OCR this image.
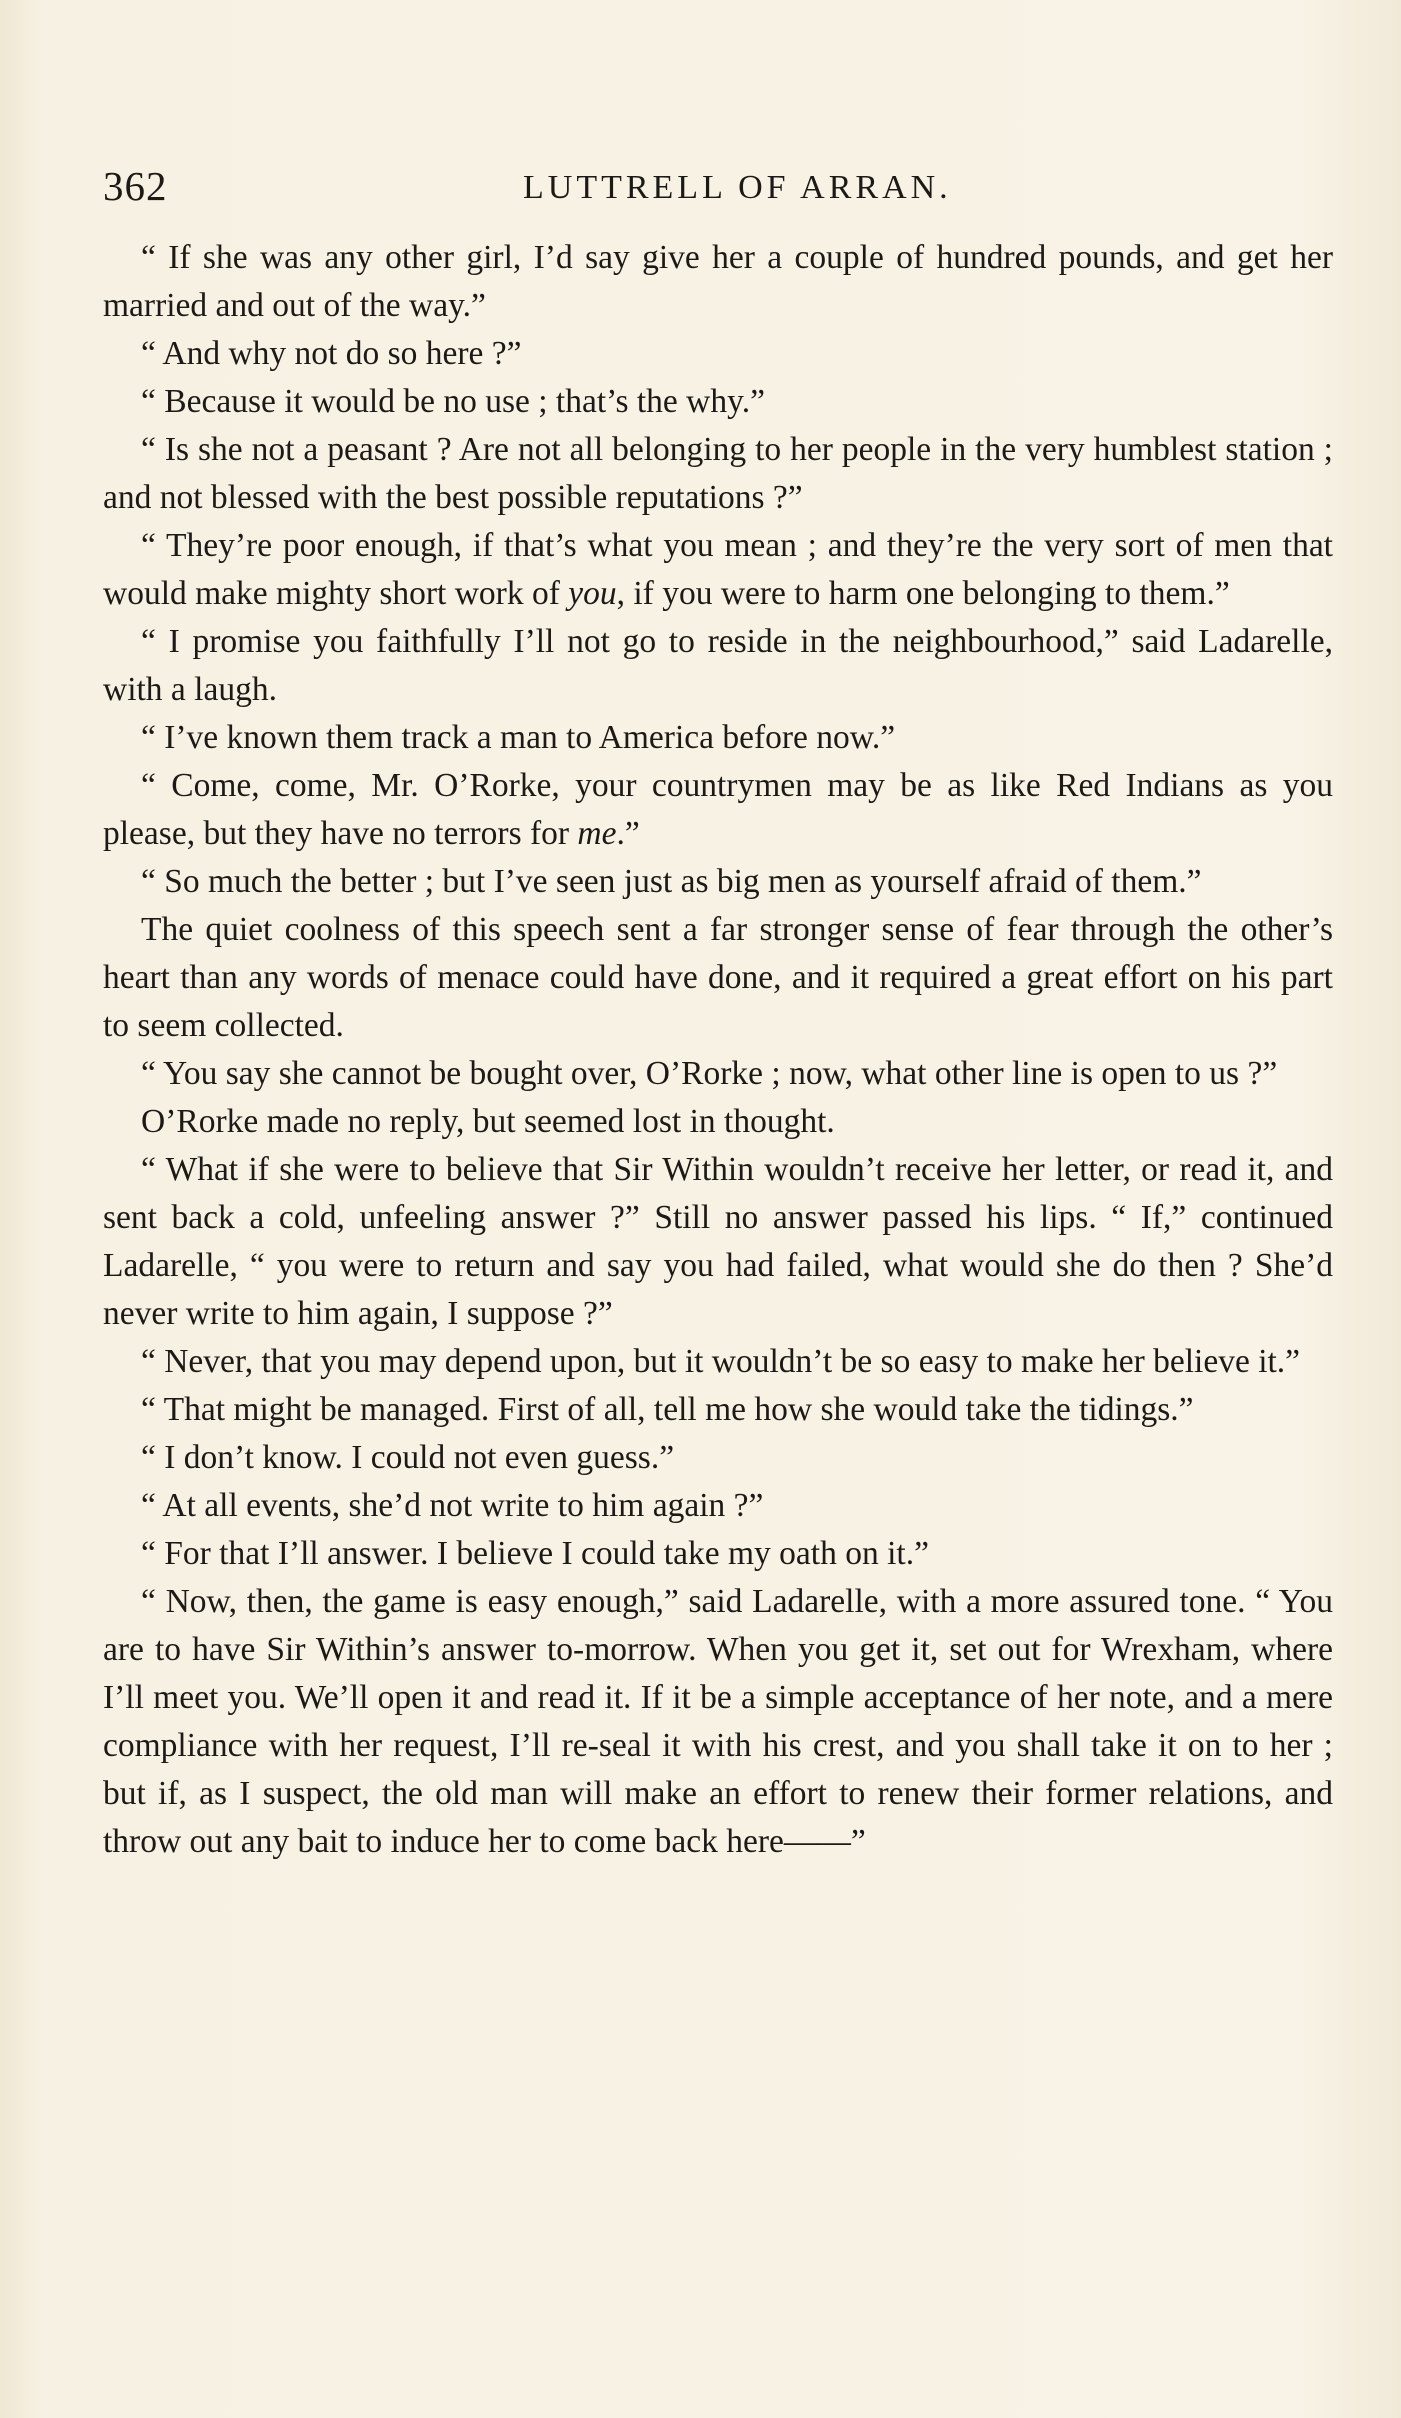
362	LUTTRELL OF ARRAN.

“ If she was any other girl, I’d say give her a couple of hundred pounds, and get her married and out of the way.”

“ And why not do so here ?”

“ Because it would be no use ; that’s the why.”

“ Is she not a peasant ? Are not all belonging to her people in the very humblest station ; and not blessed with the best possible reputations ?”

“ They’re poor enough, if that’s what you mean ; and they’re the very sort of men that would make mighty short work of you, if you were to harm one belonging to them.”

“ I promise you faithfully I’ll not go to reside in the neighbourhood,” said Ladarelle, with a laugh.

“ I’ve known them track a man to America before now.”

“ Come, come, Mr. O’Rorke, your countrymen may be as like Red Indians as you please, but they have no terrors for me.”

“ So much the better ; but I’ve seen just as big men as yourself afraid of them.”

The quiet coolness of this speech sent a far stronger sense of fear through the other’s heart than any words of menace could have done, and it required a great effort on his part to seem collected.

“ You say she cannot be bought over, O’Rorke ; now, what other line is open to us ?”

O’Rorke made no reply, but seemed lost in thought.

“ What if she were to believe that Sir Within wouldn’t receive her letter, or read it, and sent back a cold, unfeeling answer ?” Still no answer passed his lips. “ If,” continued Ladarelle, “ you were to return and say you had failed, what would she do then ? She’d never write to him again, I suppose ?”

“ Never, that you may depend upon, but it wouldn’t be so easy to make her believe it.”

“ That might be managed. First of all, tell me how she would take the tidings.”

“ I don’t know. I could not even guess.”

“ At all events, she’d not write to him again ?”

“ For that I’ll answer. I believe I could take my oath on it.”

“ Now, then, the game is easy enough,” said Ladarelle, with a more assured tone. “ You are to have Sir Within’s answer to-morrow. When you get it, set out for Wrexham, where I’ll meet you. We’ll open it and read it. If it be a simple acceptance of her note, and a mere compliance with her request, I’ll re-seal it with his crest, and you shall take it on to her ; but if, as I suspect, the old man will make an effort to renew their former relations, and throw out any bait to induce her to come back here——”
